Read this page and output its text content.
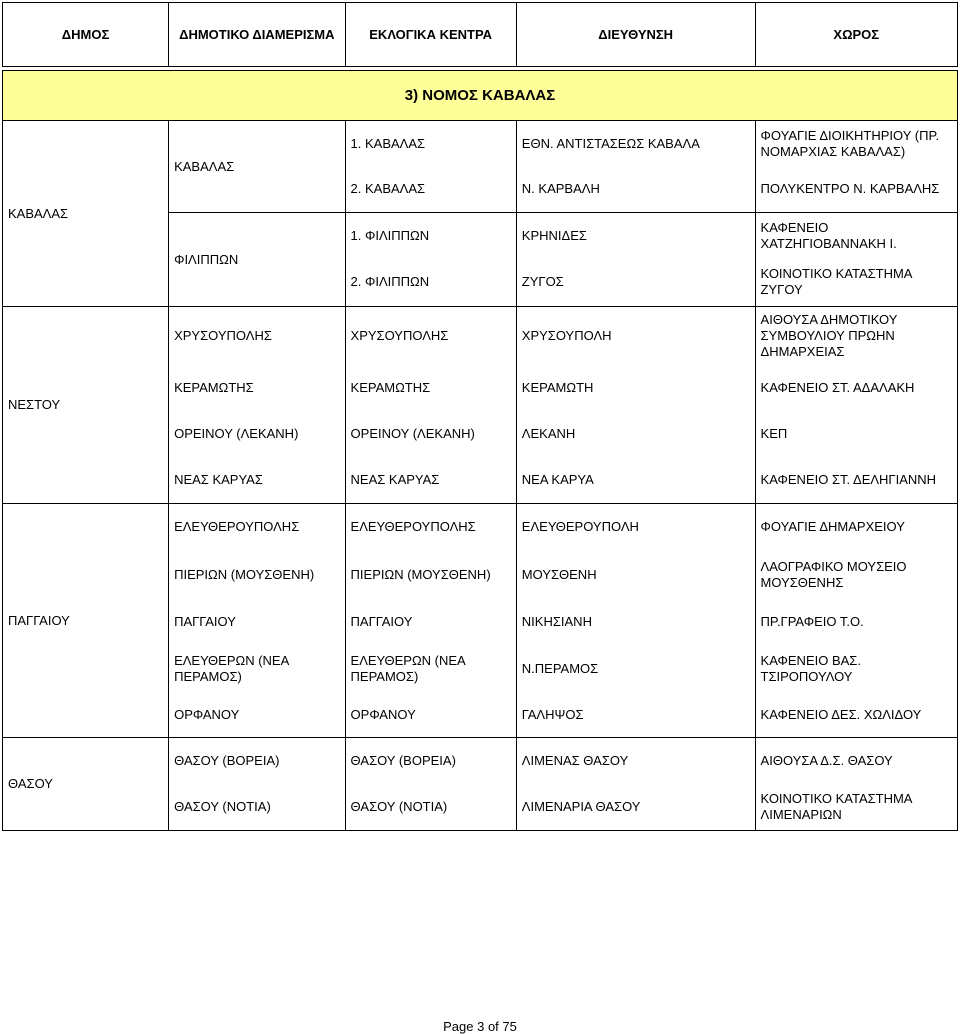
ΔΗΜΟΣ	ΔΗΜΟΤΙΚΟ ΔΙΑΜΕΡΙΣΜΑ	ΕΚΛΟΓΙΚΑ ΚΕΝΤΡΑ	ΔΙΕΥΘΥΝΣΗ	ΧΩΡΟΣ

3) ΝΟΜΟΣ ΚΑΒΑΛΑΣ				
ΚΑΒΑΛΑΣ	ΚΑΒΑΛΑΣ	1. ΚΑΒΑΛΑΣ	ΕΘΝ. ΑΝΤΙΣΤΑΣΕΩΣ ΚΑΒΑΛΑ	ΦΟΥΑΓΙΕ ΔΙΟΙΚΗΤΗΡΙΟΥ (ΠΡ. ΝΟΜΑΡΧΙΑΣ ΚΑΒΑΛΑΣ)
		2. ΚΑΒΑΛΑΣ	Ν. ΚΑΡΒΑΛΗ	ΠΟΛΥΚΕΝΤΡΟ Ν. ΚΑΡΒΑΛΗΣ
	ΦΙΛΙΠΠΩΝ	1. ΦΙΛΙΠΠΩΝ	ΚΡΗΝΙΔΕΣ	ΚΑΦΕΝΕΙΟ ΧΑΤΖΗΓΙΟΒΑΝΝΑΚΗ Ι.
		2. ΦΙΛΙΠΠΩΝ	ΖΥΓΟΣ	ΚΟΙΝΟΤΙΚΟ ΚΑΤΑΣΤΗΜΑ ΖΥΓΟΥ
ΝΕΣΤΟΥ	ΧΡΥΣΟΥΠΟΛΗΣ	ΧΡΥΣΟΥΠΟΛΗΣ	ΧΡΥΣΟΥΠΟΛΗ	ΑΙΘΟΥΣΑ ΔΗΜΟΤΙΚΟΥ ΣΥΜΒΟΥΛΙΟΥ ΠΡΩΗΝ ΔΗΜΑΡΧΕΙΑΣ
	ΚΕΡΑΜΩΤΗΣ	ΚΕΡΑΜΩΤΗΣ	ΚΕΡΑΜΩΤΗ	ΚΑΦΕΝΕΙΟ ΣΤ. ΑΔΑΛΑΚΗ
	ΟΡΕΙΝΟΥ (ΛΕΚΑΝΗ)	ΟΡΕΙΝΟΥ (ΛΕΚΑΝΗ)	ΛΕΚΑΝΗ	ΚΕΠ
	ΝΕΑΣ ΚΑΡΥΑΣ	ΝΕΑΣ ΚΑΡΥΑΣ	ΝΕΑ ΚΑΡΥΑ	ΚΑΦΕΝΕΙΟ ΣΤ. ΔΕΛΗΓΙΑΝΝΗ
ΠΑΓΓΑΙΟΥ	ΕΛΕΥΘΕΡΟΥΠΟΛΗΣ	ΕΛΕΥΘΕΡΟΥΠΟΛΗΣ	ΕΛΕΥΘΕΡΟΥΠΟΛΗ	ΦΟΥΑΓΙΕ ΔΗΜΑΡΧΕΙΟΥ
	ΠΙΕΡΙΩΝ (ΜΟΥΣΘΕΝΗ)	ΠΙΕΡΙΩΝ (ΜΟΥΣΘΕΝΗ)	ΜΟΥΣΘΕΝΗ	ΛΑΟΓΡΑΦΙΚΟ ΜΟΥΣΕΙΟ ΜΟΥΣΘΕΝΗΣ
	ΠΑΓΓΑΙΟΥ	ΠΑΓΓΑΙΟΥ	ΝΙΚΗΣΙΑΝΗ	ΠΡ.ΓΡΑΦΕΙΟ Τ.Ο.
	ΕΛΕΥΘΕΡΩΝ (ΝΕΑ ΠΕΡΑΜΟΣ)	ΕΛΕΥΘΕΡΩΝ (ΝΕΑ ΠΕΡΑΜΟΣ)	Ν.ΠΕΡΑΜΟΣ	ΚΑΦΕΝΕΙΟ ΒΑΣ. ΤΣΙΡΟΠΟΥΛΟΥ
	ΟΡΦΑΝΟΥ	ΟΡΦΑΝΟΥ	ΓΑΛΗΨΟΣ	ΚΑΦΕΝΕΙΟ ΔΕΣ. ΧΩΛΙΔΟΥ
ΘΑΣΟΥ	ΘΑΣΟΥ (ΒΟΡΕΙΑ)	ΘΑΣΟΥ (ΒΟΡΕΙΑ)	ΛΙΜΕΝΑΣ ΘΑΣΟΥ	ΑΙΘΟΥΣΑ Δ.Σ. ΘΑΣΟΥ
	ΘΑΣΟΥ (ΝΟΤΙΑ)	ΘΑΣΟΥ (ΝΟΤΙΑ)	ΛΙΜΕΝΑΡΙΑ ΘΑΣΟΥ	ΚΟΙΝΟΤΙΚΟ ΚΑΤΑΣΤΗΜΑ ΛΙΜΕΝΑΡΙΩΝ
Page 3 of 75
